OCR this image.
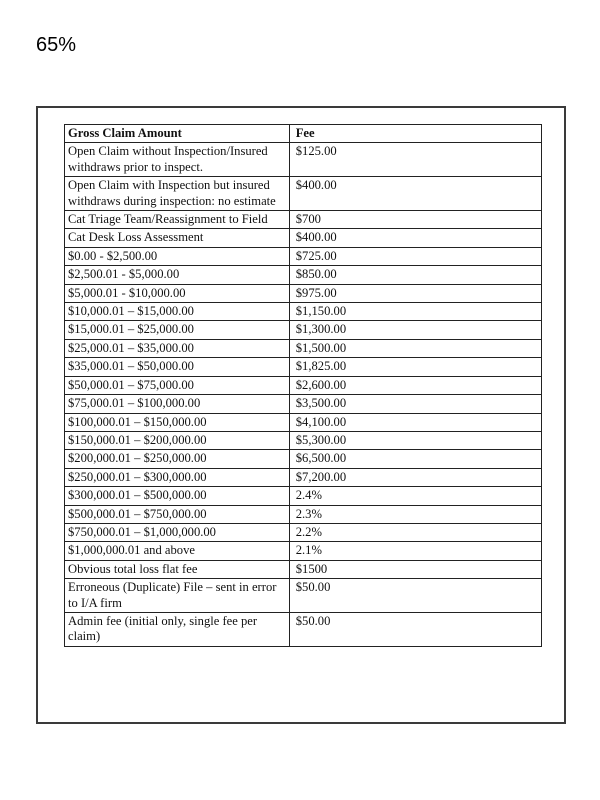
65%
Gross Claim Amount	Fee
Open Claim without Inspection/Insured withdraws prior to inspect.	$125.00
Open Claim with Inspection but insured withdraws during inspection: no estimate	$400.00
Cat Triage Team/Reassignment to Field	$700
Cat Desk Loss Assessment	$400.00
$0.00 - $2,500.00	$725.00
$2,500.01 - $5,000.00	$850.00
$5,000.01 - $10,000.00	$975.00
$10,000.01 – $15,000.00	$1,150.00
$15,000.01 – $25,000.00	$1,300.00
$25,000.01 – $35,000.00	$1,500.00
$35,000.01 – $50,000.00	$1,825.00
$50,000.01 – $75,000.00	$2,600.00
$75,000.01 – $100,000.00	$3,500.00
$100,000.01 – $150,000.00	$4,100.00
$150,000.01 – $200,000.00	$5,300.00
$200,000.01 – $250,000.00	$6,500.00
$250,000.01 – $300,000.00	$7,200.00
$300,000.01 – $500,000.00	2.4%
$500,000.01 – $750,000.00	2.3%
$750,000.01 – $1,000,000.00	2.2%
$1,000,000.01 and above	2.1%
Obvious total loss flat fee	$1500
Erroneous (Duplicate) File – sent in error to I/A firm	$50.00
Admin fee (initial only, single fee per claim)	$50.00
